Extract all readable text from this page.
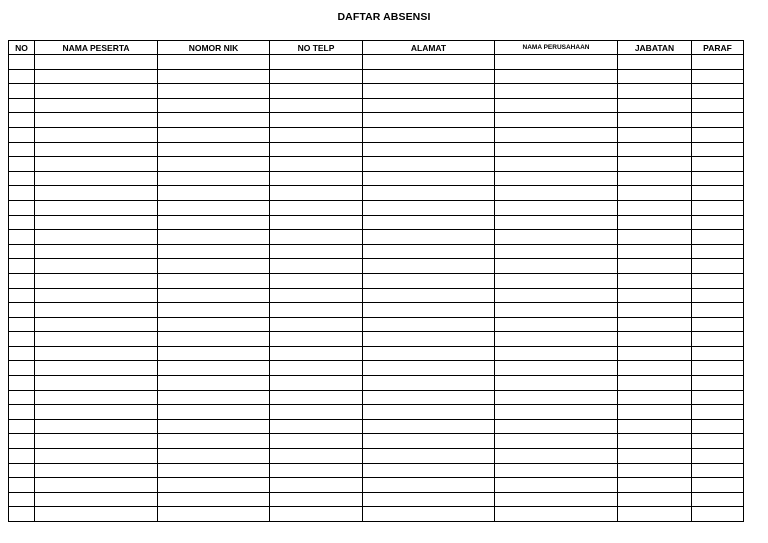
DAFTAR ABSENSI
NO	NAMA PESERTA	NOMOR NIK	NO TELP	ALAMAT	NAMA PERUSAHAAN	JABATAN	PARAF
